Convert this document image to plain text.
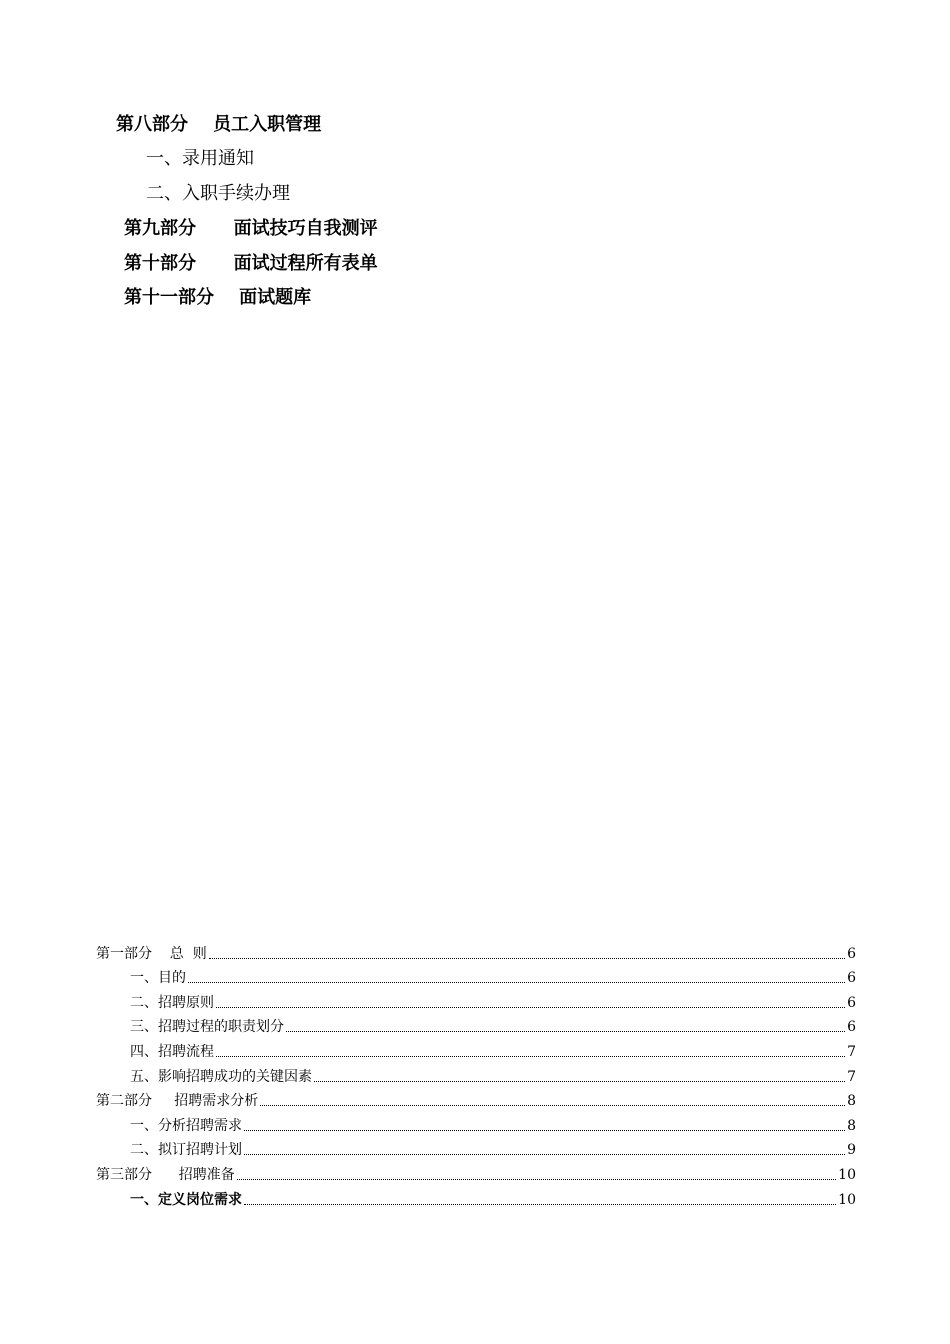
第八部分    员工入职管理
一、录用通知
二、入职手续办理
第九部分      面试技巧自我测评
第十部分      面试过程所有表单
第十一部分    面试题库
第一部分    总  则	6
一、目的	6
二、招聘原则	6
三、招聘过程的职责划分	6
四、招聘流程	7
五、影响招聘成功的关键因素	7
第二部分     招聘需求分析	8
一、分析招聘需求	8
二、拟订招聘计划	9
第三部分      招聘准备	10
一、定义岗位需求	10
